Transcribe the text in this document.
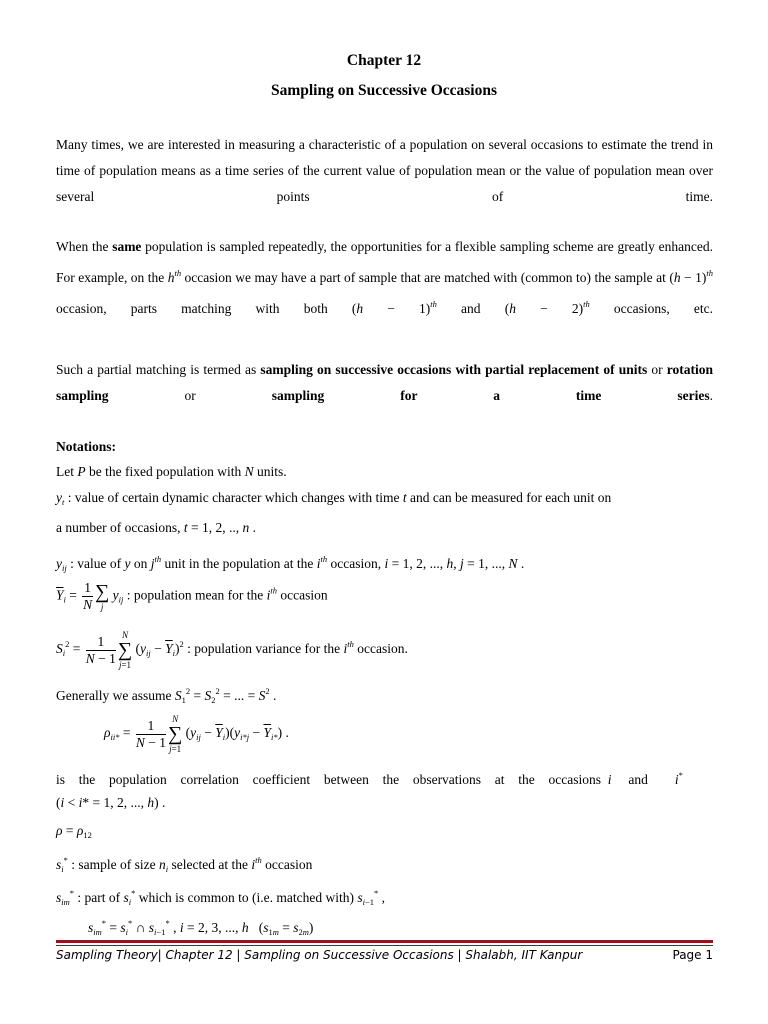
Chapter 12
Sampling on Successive Occasions
Many times, we are interested in measuring a characteristic of a population on several occasions to estimate the trend in time of population means as a time series of the current value of population mean or the value of population mean over several points of time.
When the same population is sampled repeatedly, the opportunities for a flexible sampling scheme are greatly enhanced. For example, on the $h^{th}$ occasion we may have a part of sample that are matched with (common to) the sample at $(h - 1)^{th}$ occasion, parts matching with both $(h - 1)^{th}$ and $(h - 2)^{th}$ occasions, etc.
Such a partial matching is termed as sampling on successive occasions with partial replacement of units or rotation sampling or sampling for a time series.
Notations:
Let P be the fixed population with N units.
$y_t$ : value of certain dynamic character which changes with time t and can be measured for each unit on
a number of occasions, t = 1, 2, .., n .
$y_{ij}$ : value of y on $j^{th}$ unit in the population at the $i^{th}$ occasion, i = 1, 2, ..., h, j = 1, ..., N .
$\overline{Y}_i = \frac{1}{N}$ ∑
j $y_{ij}$ : population mean for the $i^{th}$ occasion
$S_i^2 = \frac{1}{N - 1}$ N
∑
j=1 $(y_{ij} - \overline{Y}_i)^2$ : population variance for the $i^{th}$ occasion.
Generally we assume $S_1^2 = S_2^2$ = ... = $S^2$ .
$\rho_{ii*} = \frac{1}{N - 1}$ N
∑
j=1 $(y_{ij} - \overline{Y}_i)(y_{i*j} - \overline{Y}_{i*})$ .
is the population correlation coefficient between the observations at the occasions i and i*
(i < i* = 1, 2, ..., h) .
$\rho = \rho_{12}$
$s_i^*$ : sample of size $n_i$ selected at the $i^{th}$ occasion
$s_{im}^*$ : part of $s_i^*$ which is common to (i.e. matched with) $s_{i-1}^*$ ,
$s_{im}^* = s_i^*$ ∩ $s_{i-1}^*$ , i = 2, 3, ..., h   $(s_{1m} = s_{2m})$
Sampling Theory| Chapter 12 | Sampling on Successive Occasions | Shalabh, IIT Kanpur	Page 1
